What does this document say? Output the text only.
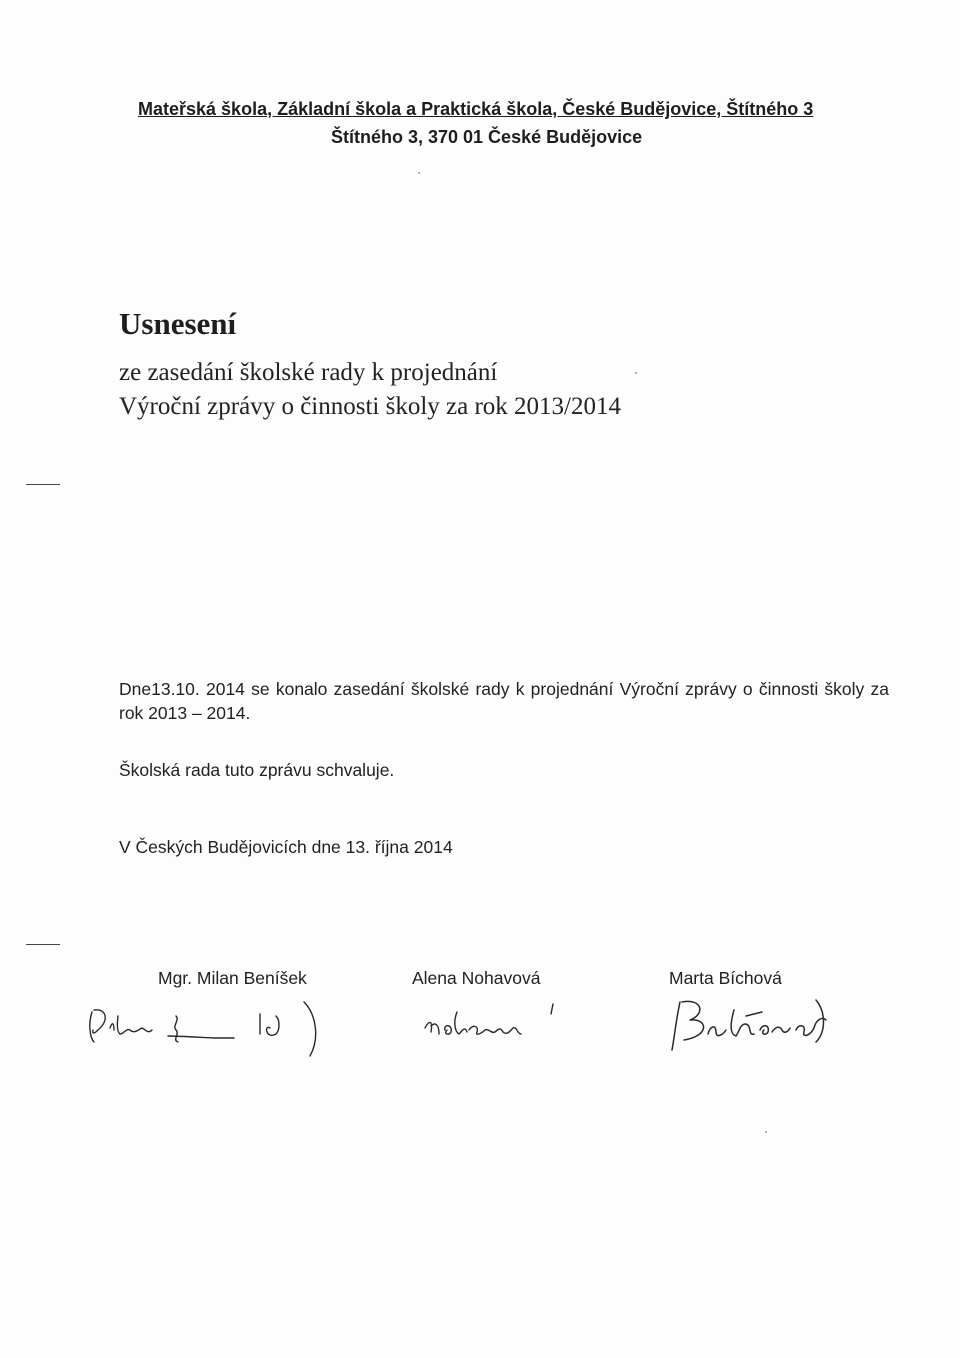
Mateřská škola, Základní škola a Praktická škola, České Budějovice, Štítného 3
Štítného 3, 370 01 České Budějovice
Usnesení
ze zasedání školské rady k projednání
Výroční zprávy o činnosti školy za rok 2013/2014
Dne13.10. 2014 se konalo zasedání školské rady k projednání Výroční zprávy o činnosti školy za rok 2013 – 2014.
Školská rada tuto zprávu schvaluje.
V Českých Budějovicích dne 13. října 2014
Mgr. Milan Beníšek	Alena Nohavová	Marta Bíchová
